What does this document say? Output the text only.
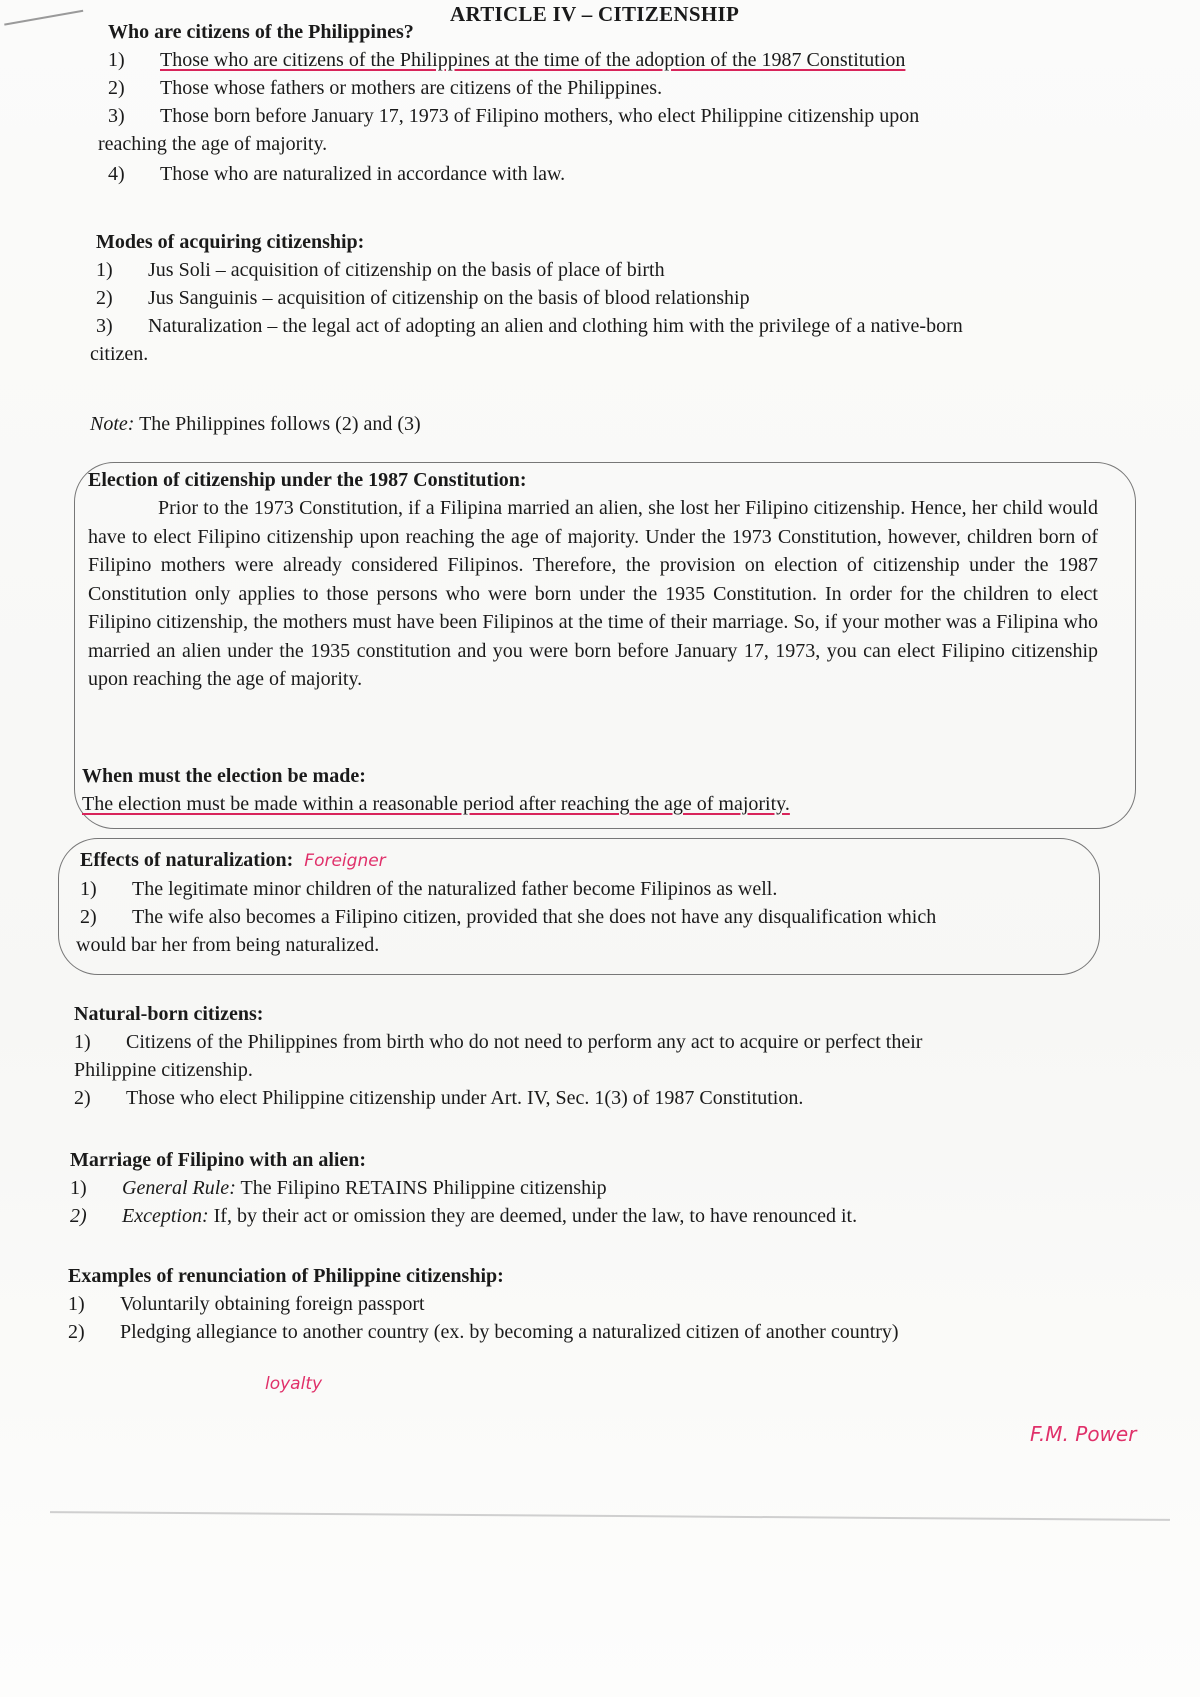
ARTICLE IV – CITIZENSHIP
Who are citizens of the Philippines?
1)	Those who are citizens of the Philippines at the time of the adoption of the 1987 Constitution
2)	Those whose fathers or mothers are citizens of the Philippines.
3)	Those born before January 17, 1973 of Filipino mothers, who elect Philippine citizenship upon
reaching the age of majority.
4)	Those who are naturalized in accordance with law.
Modes of acquiring citizenship:
1)	Jus Soli – acquisition of citizenship on the basis of place of birth
2)	Jus Sanguinis – acquisition of citizenship on the basis of blood relationship
3)	Naturalization – the legal act of adopting an alien and clothing him with the privilege of a native-born
citizen.
Note: The Philippines follows (2) and (3)
Election of citizenship under the 1987 Constitution:

Prior to the 1973 Constitution, if a Filipina married an alien, she lost her Filipino citizenship. Hence, her child would have to elect Filipino citizenship upon reaching the age of majority. Under the 1973 Constitution, however, children born of Filipino mothers were already considered Filipinos. Therefore, the provision on election of citizenship under the 1987 Constitution only applies to those persons who were born under the 1935 Constitution. In order for the children to elect Filipino citizenship, the mothers must have been Filipinos at the time of their marriage. So, if your mother was a Filipina who married an alien under the 1935 constitution and you were born before January 17, 1973, you can elect Filipino citizenship upon reaching the age of majority.

When must the election be made:
The election must be made within a reasonable period after reaching the age of majority.
Effects of naturalization: Foreigner
1)	The legitimate minor children of the naturalized father become Filipinos as well.
2)	The wife also becomes a Filipino citizen, provided that she does not have any disqualification which
would bar her from being naturalized.
Natural-born citizens:
1)	Citizens of the Philippines from birth who do not need to perform any act to acquire or perfect their
Philippine citizenship.
2)	Those who elect Philippine citizenship under Art. IV, Sec. 1(3) of 1987 Constitution.
Marriage of Filipino with an alien:
1)	General Rule: The Filipino RETAINS Philippine citizenship
2)	Exception: If, by their act or omission they are deemed, under the law, to have renounced it.
Examples of renunciation of Philippine citizenship:
1)	Voluntarily obtaining foreign passport
2)	Pledging allegiance to another country (ex. by becoming a naturalized citizen of another country)
loyalty
F.M. Power
